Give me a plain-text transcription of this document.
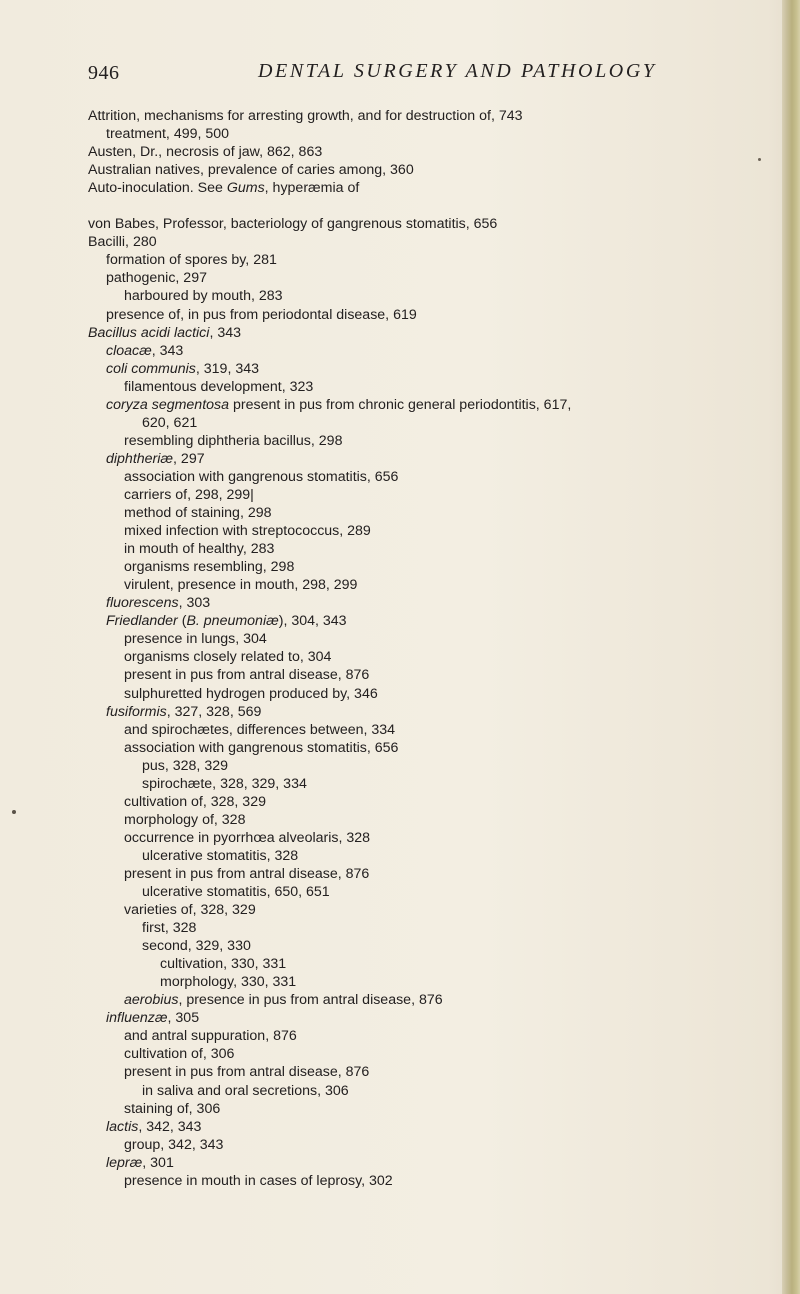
946	DENTAL SURGERY AND PATHOLOGY
Attrition, mechanisms for arresting growth, and for destruction of, 743
treatment, 499, 500
Austen, Dr., necrosis of jaw, 862, 863
Australian natives, prevalence of caries among, 360
Auto-inoculation. See Gums, hyperæmia of
von Babes, Professor, bacteriology of gangrenous stomatitis, 656
Bacilli, 280
formation of spores by, 281
pathogenic, 297
harboured by mouth, 283
presence of, in pus from periodontal disease, 619
Bacillus acidi lactici, 343
cloacæ, 343
coli communis, 319, 343
filamentous development, 323
coryza segmentosa present in pus from chronic general periodontitis, 617,
620, 621
resembling diphtheria bacillus, 298
diphtheriæ, 297
association with gangrenous stomatitis, 656
carriers of, 298, 299|
method of staining, 298
mixed infection with streptococcus, 289
in mouth of healthy, 283
organisms resembling, 298
virulent, presence in mouth, 298, 299
fluorescens, 303
Friedlander (B. pneumoniæ), 304, 343
presence in lungs, 304
organisms closely related to, 304
present in pus from antral disease, 876
sulphuretted hydrogen produced by, 346
fusiformis, 327, 328, 569
and spirochætes, differences between, 334
association with gangrenous stomatitis, 656
pus, 328, 329
spirochæte, 328, 329, 334
cultivation of, 328, 329
morphology of, 328
occurrence in pyorrhœa alveolaris, 328
ulcerative stomatitis, 328
present in pus from antral disease, 876
ulcerative stomatitis, 650, 651
varieties of, 328, 329
first, 328
second, 329, 330
cultivation, 330, 331
morphology, 330, 331
aerobius, presence in pus from antral disease, 876
influenzæ, 305
and antral suppuration, 876
cultivation of, 306
present in pus from antral disease, 876
in saliva and oral secretions, 306
staining of, 306
lactis, 342, 343
group, 342, 343
lepræ, 301
presence in mouth in cases of leprosy, 302
